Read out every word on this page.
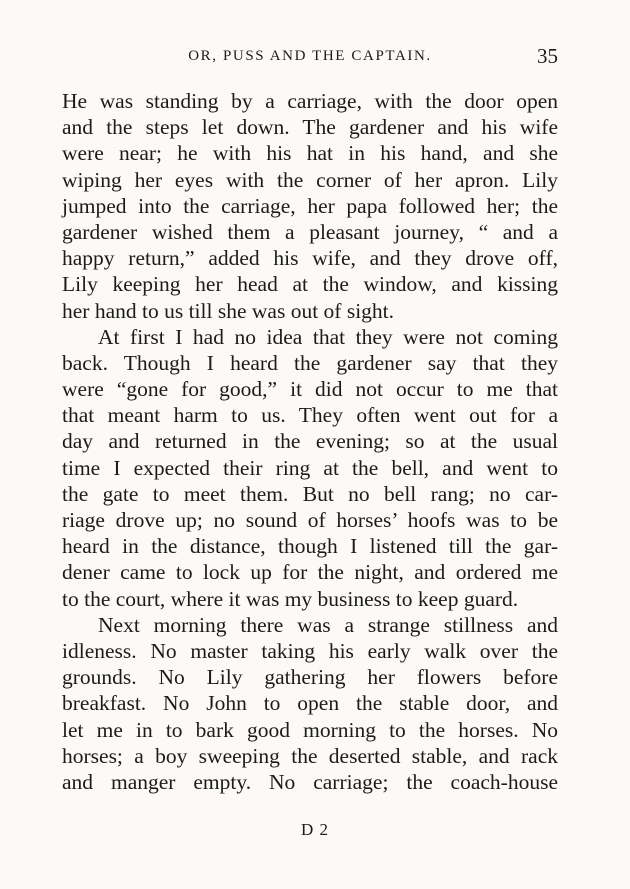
OR, PUSS AND THE CAPTAIN.	35
He was standing by a carriage, with the door open
and the steps let down. The gardener and his wife
were near; he with his hat in his hand, and she
wiping her eyes with the corner of her apron. Lily
jumped into the carriage, her papa followed her; the
gardener wished them a pleasant journey, “ and a
happy return,” added his wife, and they drove off,
Lily keeping her head at the window, and kissing
her hand to us till she was out of sight.
At first I had no idea that they were not coming
back. Though I heard the gardener say that they
were “gone for good,” it did not occur to me that
that meant harm to us. They often went out for a
day and returned in the evening; so at the usual
time I expected their ring at the bell, and went to
the gate to meet them. But no bell rang; no car-
riage drove up; no sound of horses’ hoofs was to be
heard in the distance, though I listened till the gar-
dener came to lock up for the night, and ordered me
to the court, where it was my business to keep guard.
Next morning there was a strange stillness and
idleness. No master taking his early walk over the
grounds. No Lily gathering her flowers before
breakfast. No John to open the stable door, and
let me in to bark good morning to the horses. No
horses; a boy sweeping the deserted stable, and rack
and manger empty. No carriage; the coach-house
D 2
